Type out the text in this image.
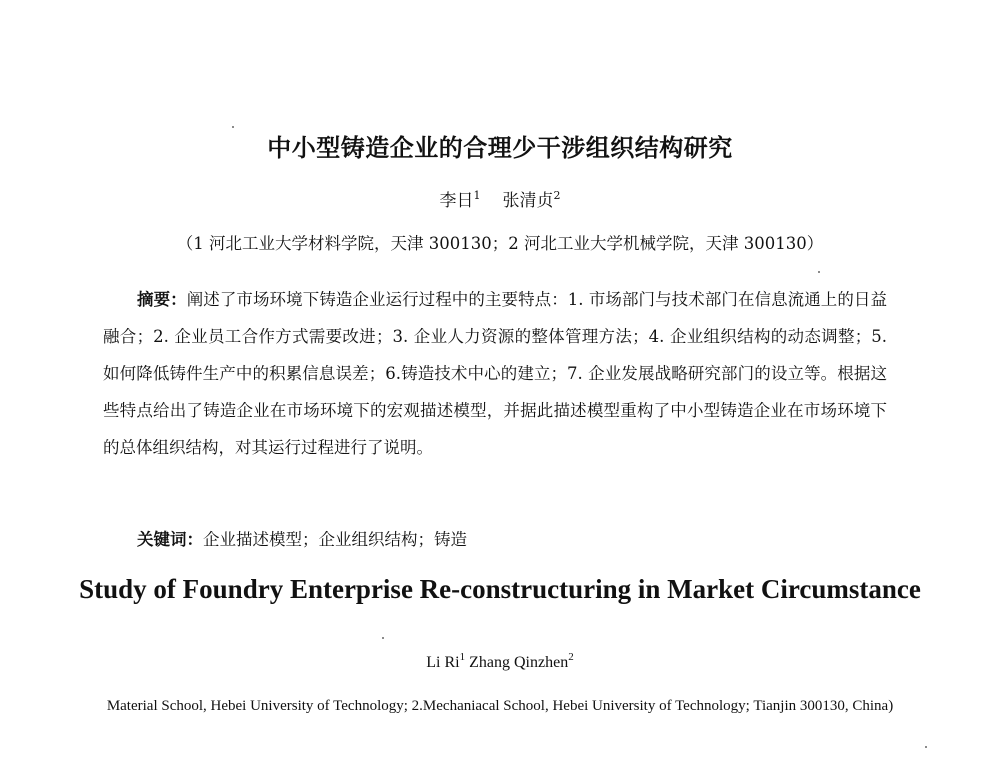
中小型铸造企业的合理少干涉组织结构研究
李日$^1$ 张清贞$^2$
（1 河北工业大学材料学院，天津 300130；2 河北工业大学机械学院，天津 300130）

摘要：阐述了市场环境下铸造企业运行过程中的主要特点：1. 市场部门与技术部门在信息流通上的日益融合；2. 企业员工合作方式需要改进；3. 企业人力资源的整体管理方法；4. 企业组织结构的动态调整；5. 如何降低铸件生产中的积累信息误差；6.铸造技术中心的建立；7. 企业发展战略研究部门的设立等。根据这些特点给出了铸造企业在市场环境下的宏观描述模型，并据此描述模型重构了中小型铸造企业在市场环境下的总体组织结构，对其运行过程进行了说明。

关键词：企业描述模型；企业组织结构；铸造
Study of Foundry Enterprise Re-constructuring in Market Circumstance
Li Ri$^1$ Zhang Qinzhen$^2$
Material School, Hebei University of Technology; 2.Mechaniacal School, Hebei University of Technology; Tianjin 300130, China)
